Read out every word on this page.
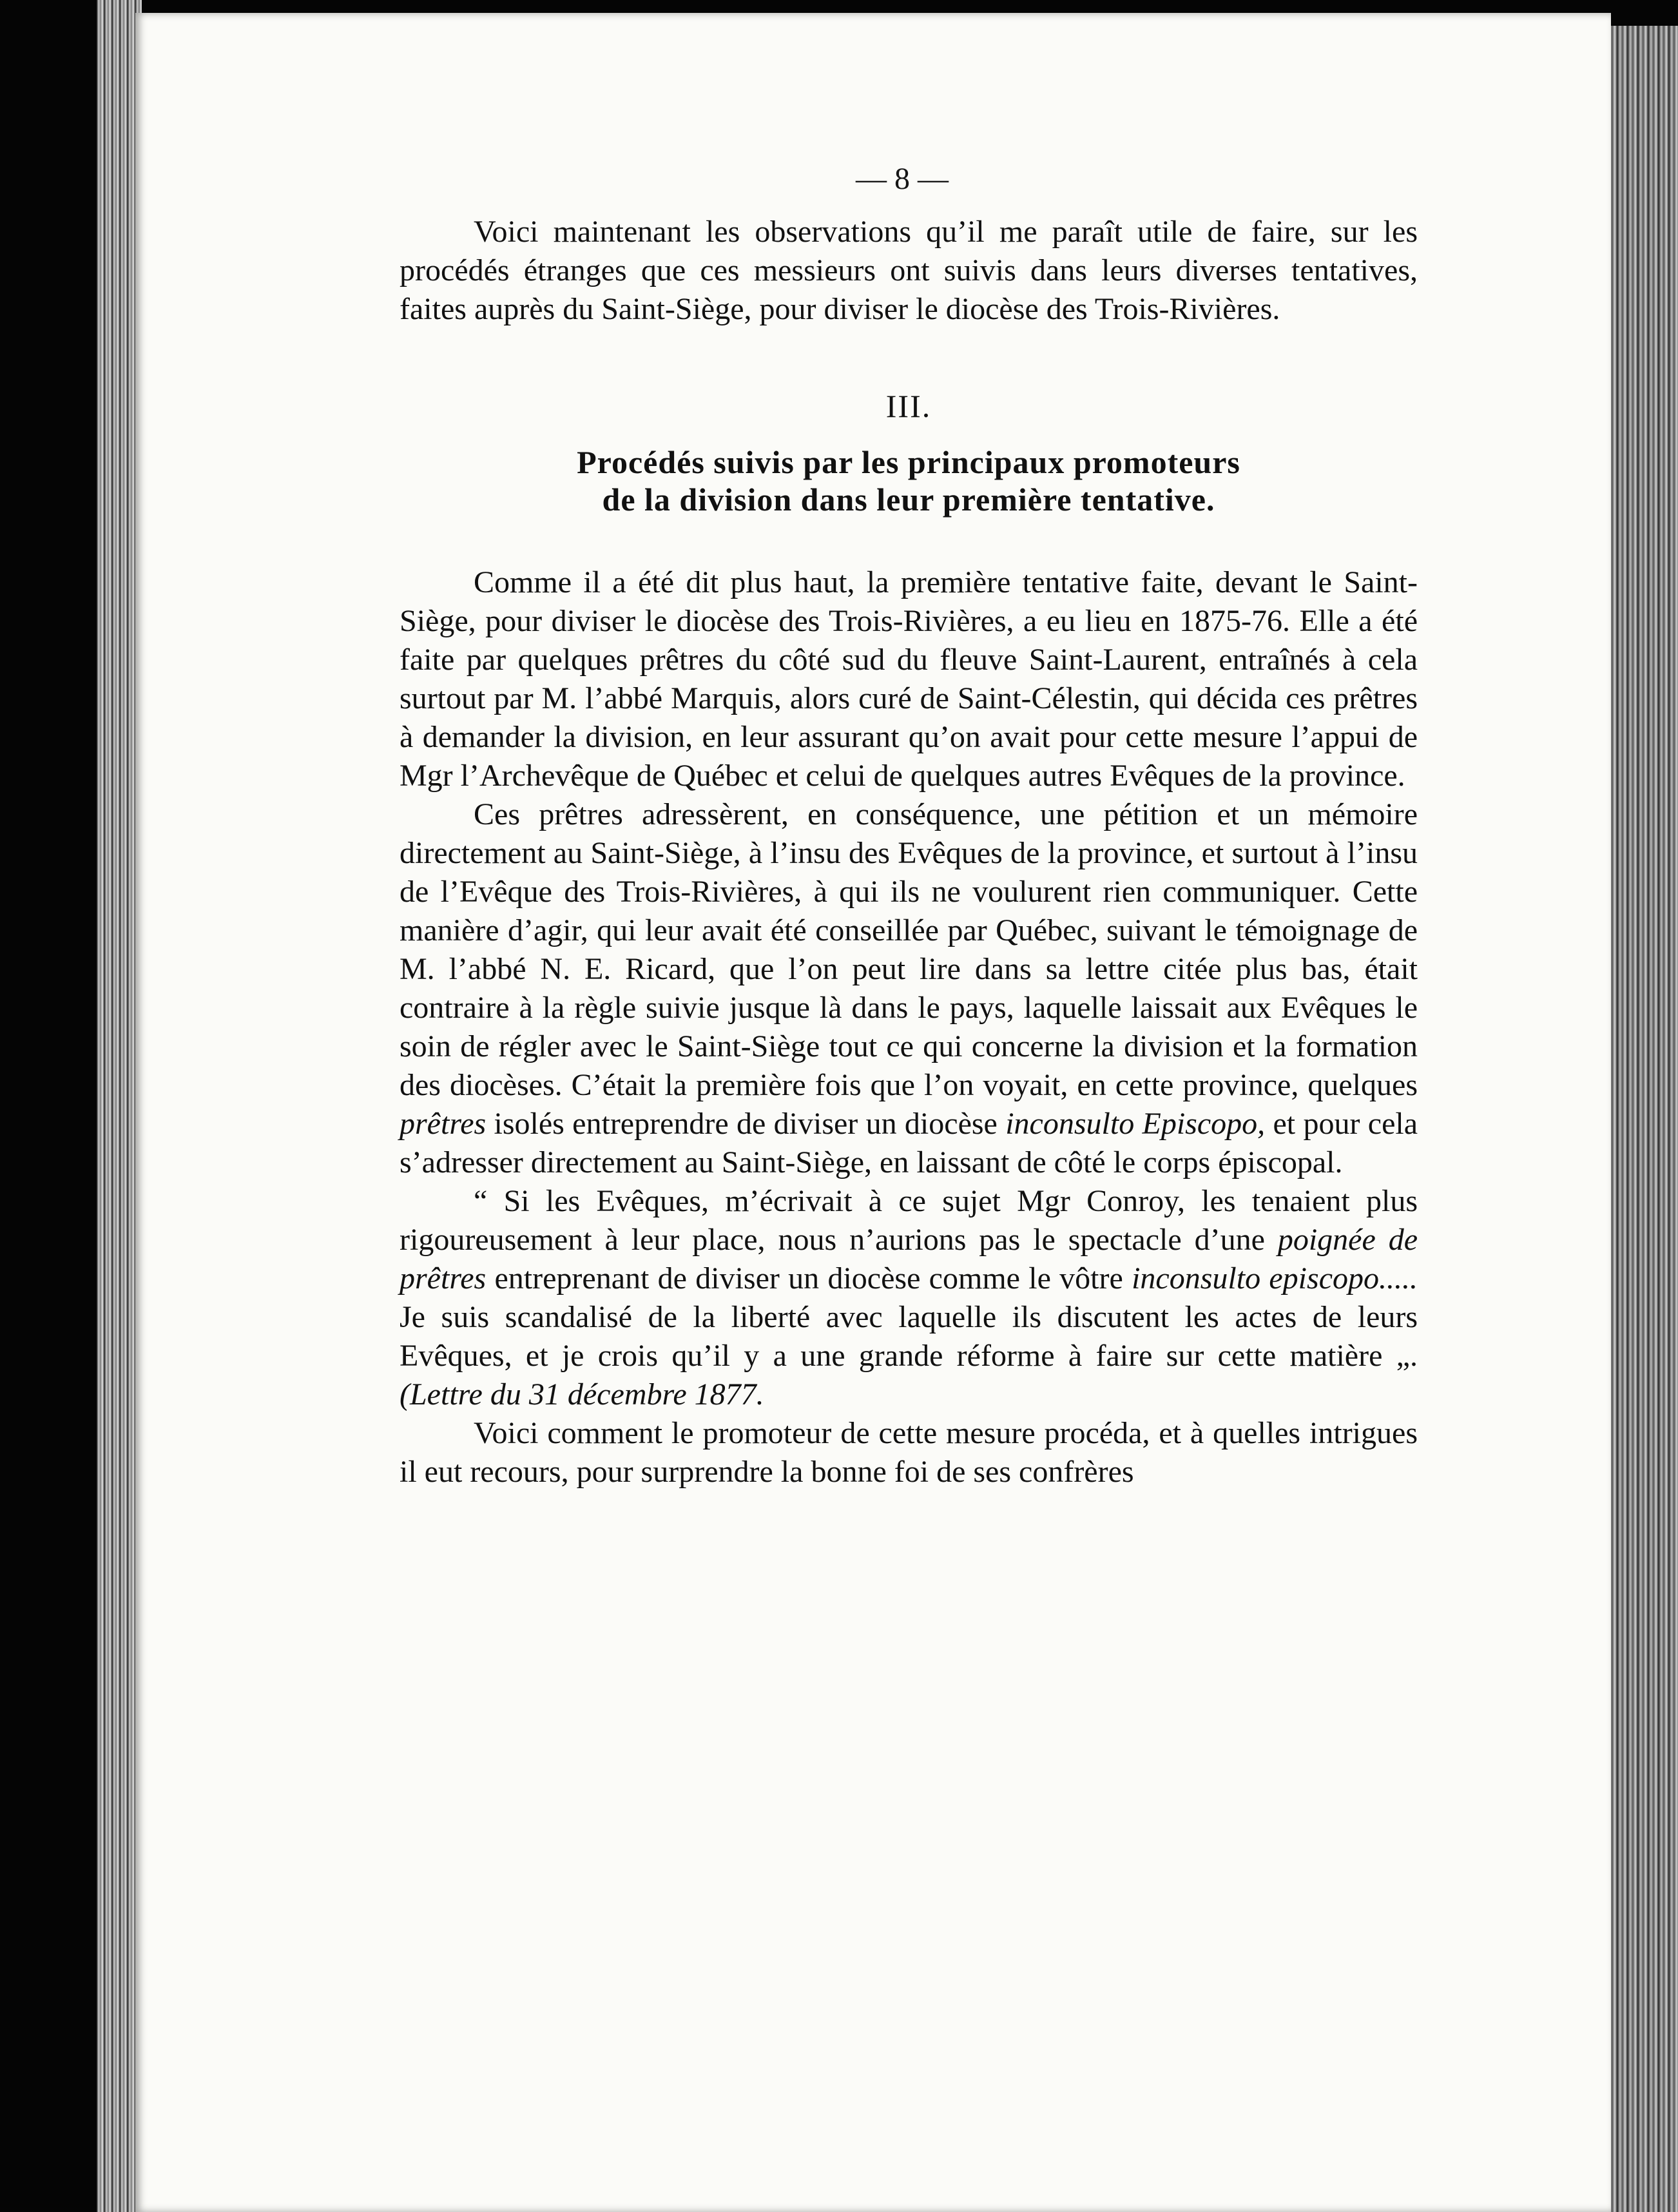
— 8 —

Voici maintenant les observations qu’il me paraît utile de faire, sur les procédés étranges que ces messieurs ont suivis dans leurs diverses tentatives, faites auprès du Saint-Siège, pour diviser le diocèse des Trois-Rivières.

III.
Procédés suivis par les principaux promoteurs
de la division dans leur première tentative.

Comme il a été dit plus haut, la première tentative faite, devant le Saint-Siège, pour diviser le diocèse des Trois-Rivières, a eu lieu en 1875-76. Elle a été faite par quelques prêtres du côté sud du fleuve Saint-Laurent, entraînés à cela surtout par M. l’abbé Marquis, alors curé de Saint-Célestin, qui décida ces prêtres à demander la division, en leur assurant qu’on avait pour cette mesure l’appui de Mgr l’Archevêque de Québec et celui de quelques autres Evêques de la province.

Ces prêtres adressèrent, en conséquence, une pétition et un mémoire directement au Saint-Siège, à l’insu des Evêques de la province, et surtout à l’insu de l’Evêque des Trois-Rivières, à qui ils ne voulurent rien communiquer. Cette manière d’agir, qui leur avait été conseillée par Québec, suivant le témoignage de M. l’abbé N. E. Ricard, que l’on peut lire dans sa lettre citée plus bas, était contraire à la règle suivie jusque là dans le pays, laquelle laissait aux Evêques le soin de régler avec le Saint-Siège tout ce qui concerne la division et la formation des diocèses. C’était la première fois que l’on voyait, en cette province, quelques prêtres isolés entreprendre de diviser un diocèse inconsulto Episcopo, et pour cela s’adresser directement au Saint-Siège, en laissant de côté le corps épiscopal.

“ Si les Evêques, m’écrivait à ce sujet Mgr Conroy, les tenaient plus rigoureusement à leur place, nous n’aurions pas le spectacle d’une poignée de prêtres entreprenant de diviser un diocèse comme le vôtre inconsulto episcopo..... Je suis scandalisé de la liberté avec laquelle ils discutent les actes de leurs Evêques, et je crois qu’il y a une grande réforme à faire sur cette matière „. (Lettre du 31 décembre 1877.

Voici comment le promoteur de cette mesure procéda, et à quelles intrigues il eut recours, pour surprendre la bonne foi de ses confrères
